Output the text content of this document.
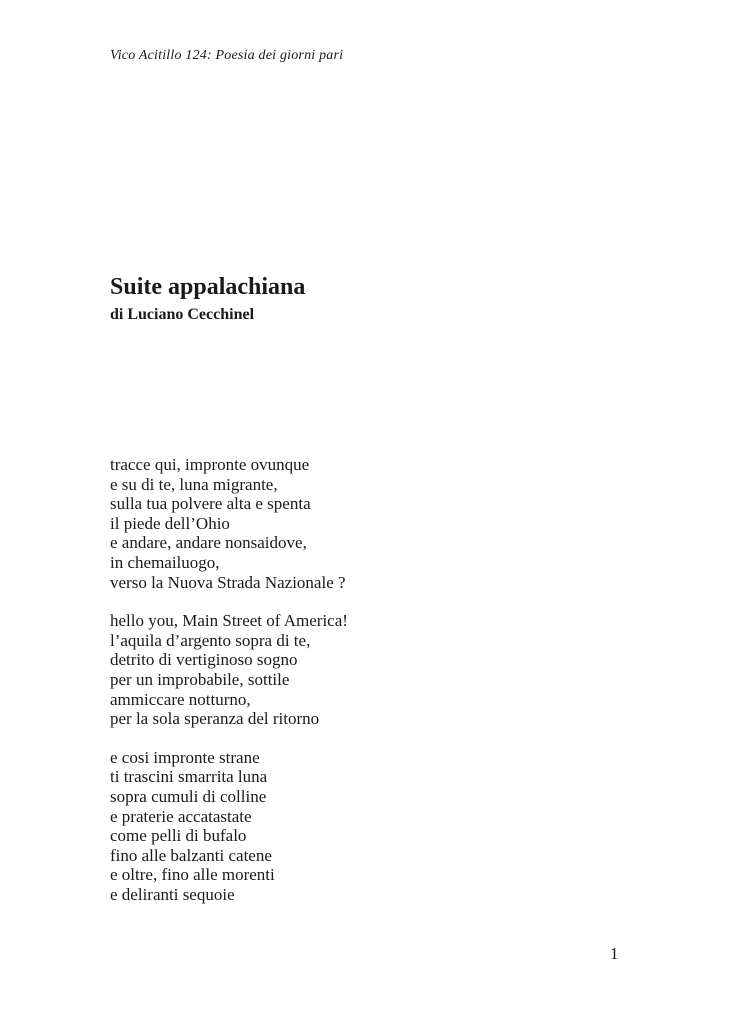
Vico Acitillo 124: Poesia dei giorni pari
Suite appalachiana
di Luciano Cecchinel
tracce qui, impronte ovunque
e su di te, luna migrante,
sulla tua polvere alta e spenta
il piede dell’Ohio
e andare, andare nonsaidove,
in chemailuogo,
verso la Nuova Strada Nazionale ?
hello you, Main Street of America!
l’aquila d’argento sopra di te,
detrito di vertiginoso sogno
per un improbabile, sottile
ammiccare notturno,
per la sola speranza del ritorno
e cosi impronte strane
ti trascini smarrita luna
sopra cumuli di colline
e praterie accatastate
come pelli di bufalo
fino alle balzanti catene
e oltre, fino alle morenti
e deliranti sequoie
1
